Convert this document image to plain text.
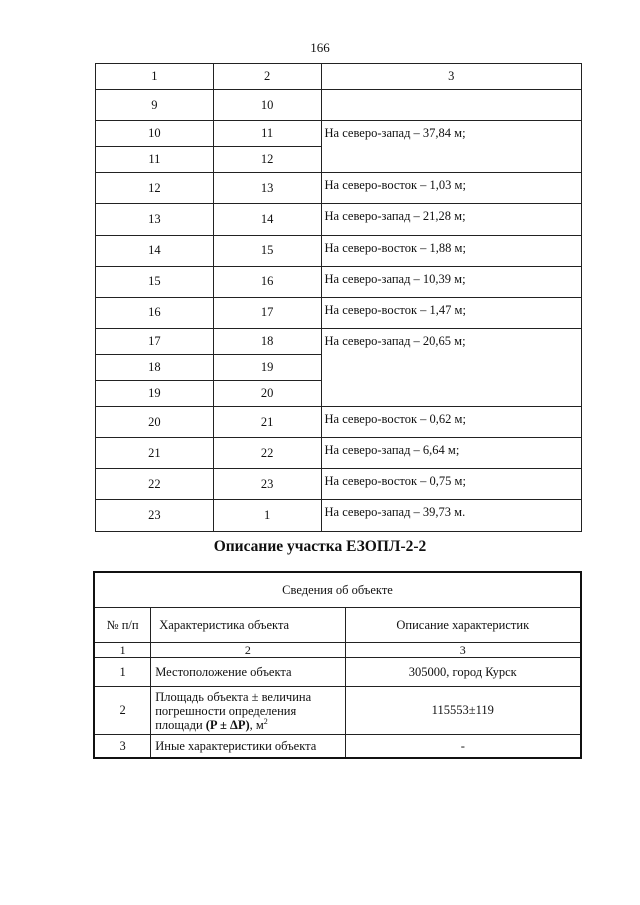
166
1	2	3
9	10	
10	11	На северо-запад – 37,84 м;
11	12	
12	13	На северо-восток – 1,03 м;
13	14	На северо-запад – 21,28 м;
14	15	На северо-восток – 1,88 м;
15	16	На северо-запад – 10,39 м;
16	17	На северо-восток – 1,47 м;
17	18	На северо-запад – 20,65 м;
18	19	
19	20	
20	21	На северо-восток – 0,62 м;
21	22	На северо-запад – 6,64 м;
22	23	На северо-восток – 0,75 м;
23	1	На северо-запад – 39,73 м.
Описание участка ЕЗОПЛ-2-2
Сведения об объекте		
№ п/п	Характеристика объекта	Описание характеристик
1	2	3
1	Местоположение объекта	305000, город Курск
2	Площадь объекта ± величина погрешности определения площади (P ± ΔP), $м^2$	115553±119
3	Иные характеристики объекта	-
